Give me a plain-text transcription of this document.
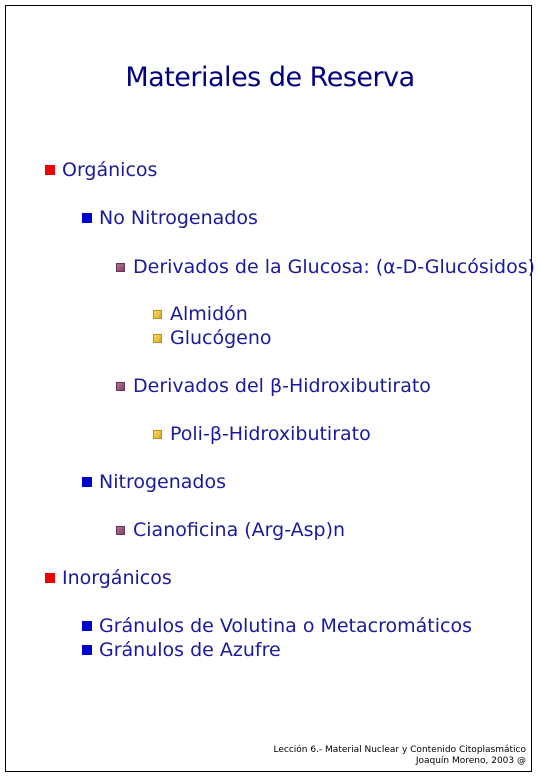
Materiales de Reserva
Orgánicos
No Nitrogenados
Derivados de la Glucosa: (α-D-Glucósidos)
Almidón
Glucógeno
Derivados del β-Hidroxibutirato
Poli-β-Hidroxibutirato
Nitrogenados
Cianoficina (Arg-Asp)n
Inorgánicos
Gránulos de Volutina o Metacromáticos
Gránulos de Azufre
Lección 6.- Material Nuclear y Contenido Citoplasmático
Joaquín Moreno, 2003 @
